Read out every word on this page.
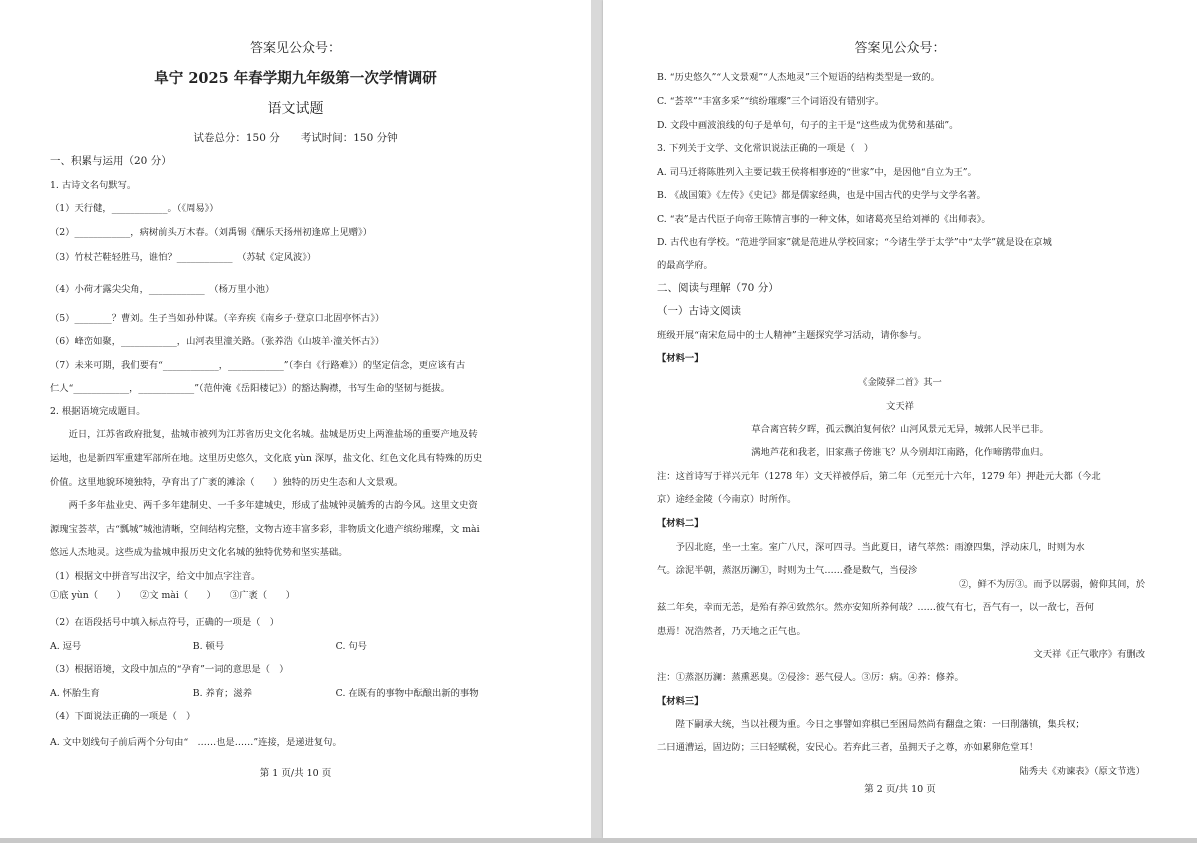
答案见公众号：
阜宁 2025 年春学期九年级第一次学情调研
语文试题
试卷总分：150 分　　考试时间：150 分钟
一、积累与运用（20 分）
1. 古诗文名句默写。
（1）天行健，____________。（《周易》）
（2）____________，病树前头万木春。（刘禹锡《酬乐天扬州初逢席上见赠》）
（3）竹杖芒鞋轻胜马，谁怕？____________　（苏轼《定风波》）
（4）小荷才露尖尖角，____________　（杨万里小池）
（5）________？曹刘。生子当如孙仲谋。（辛弃疾《南乡子·登京口北固亭怀古》）
（6）峰峦如聚，____________，山河表里潼关路。（张养浩《山坡羊·潼关怀古》）
（7）未来可期，我们要有“____________，____________”（李白《行路难》）的坚定信念，更应该有古
仁人“____________，____________”（范仲淹《岳阳楼记》）的豁达胸襟，书写生命的坚韧与挺拔。
2. 根据语境完成题目。
　　近日，江苏省政府批复，盐城市被列为江苏省历史文化名城。盐城是历史上两淮盐场的重要产地及转
运地，也是新四军重建军部所在地。这里历史悠久，文化底 yùn 深厚，盐文化、红色文化具有特殊的历史
价值。这里地貌环境独特，孕育出了广袤的滩涂（　　）独特的历史生态和人文景观。
　　两千多年盐业史、两千多年建制史、一千多年建城史，形成了盐城钟灵毓秀的古韵今风。这里文史资
源瑰宝荟萃，古“瓢城”城池清晰，空间结构完整，文物古迹丰富多彩，非物质文化遗产缤纷璀璨，文 mài
悠远人杰地灵。这些成为盐城申报历史文化名城的独特优势和坚实基础。
（1）根据文中拼音写出汉字，给文中加点字注音。
①底 yùn（　　）　　②文 mài（　　）　　③广袤（　　）
（2）在语段括号中填入标点符号，正确的一项是（　）
A. 逗号　　　　　　　　　　　　B. 顿号　　　　　　　　　　　　C. 句号
（3）根据语境，文段中加点的“孕育”一词的意思是（　）
A. 怀胎生育　　　　　　　　　　B. 养育；滋养　　　　　　　　　C. 在既有的事物中酝酿出新的事物
（4）下面说法正确的一项是（　）
A. 文中划线句子前后两个分句由“　……也是……”连接，是递进复句。
第 1 页/共 10 页
答案见公众号：
B. “历史悠久”“人文景观”“人杰地灵”三个短语的结构类型是一致的。
C. “荟萃”“丰富多采”“缤纷璀璨”三个词语没有错别字。
D. 文段中画波浪线的句子是单句，句子的主干是“这些成为优势和基础”。
3. 下列关于文学、文化常识说法正确的一项是（　）
A. 司马迁将陈胜列入主要记载王侯将相事迹的“世家”中，是因他“自立为王”。
B. 《战国策》《左传》《史记》都是儒家经典，也是中国古代的史学与文学名著。
C. “表”是古代臣子向帝王陈情言事的一种文体，如诸葛亮呈给刘禅的《出师表》。
D. 古代也有学校。“范进学回家”就是范进从学校回家；“今诸生学于太学”中“太学”就是设在京城
的最高学府。
二、阅读与理解（70 分）
（一）古诗文阅读
班级开展“南宋危局中的士人精神”主题探究学习活动，请你参与。
【材料一】
《金陵驿二首》其一
文天祥
草合离宫转夕晖，孤云飘泊复何依？山河风景元无异，城郭人民半已非。
满地芦花和我老，旧家燕子傍谁飞？从今别却江南路，化作啼鹃带血归。
注：这首诗写于祥兴元年（1278 年）文天祥被俘后，第二年（元至元十六年，1279 年）押赴元大都（今北
京）途经金陵（今南京）时所作。
【材料二】
　　予囚北庭，坐一土室。室广八尺，深可四寻。当此夏日，诸气萃然：雨潦四集，浮动床几，时则为水
气。涂泥半朝，蒸沤历澜①，时则为土气……叠是数气，当侵沴
②，鲜不为厉③。而予以孱弱，俯仰其间，於
兹二年矣，幸而无恙，是殆有养④致然尔。然亦安知所养何哉？……彼气有七，吾气有一，以一敌七，吾何
患焉！况浩然者，乃天地之正气也。
文天祥《正气歌序》有删改
注：①蒸沤历澜：蒸熏恶臭。②侵沴：恶气侵人。③厉：病。④养：修养。
【材料三】
　　陛下嗣承大统，当以社稷为重。今日之事譬如弈棋已至困局然尚有翻盘之策：一曰削藩镇，集兵权；
二曰通漕运，固边防；三曰轻赋税，安民心。若弃此三者，虽拥天子之尊，亦如累卵危堂耳！
陆秀夫《劝谏表》（原文节选）
第 2 页/共 10 页
